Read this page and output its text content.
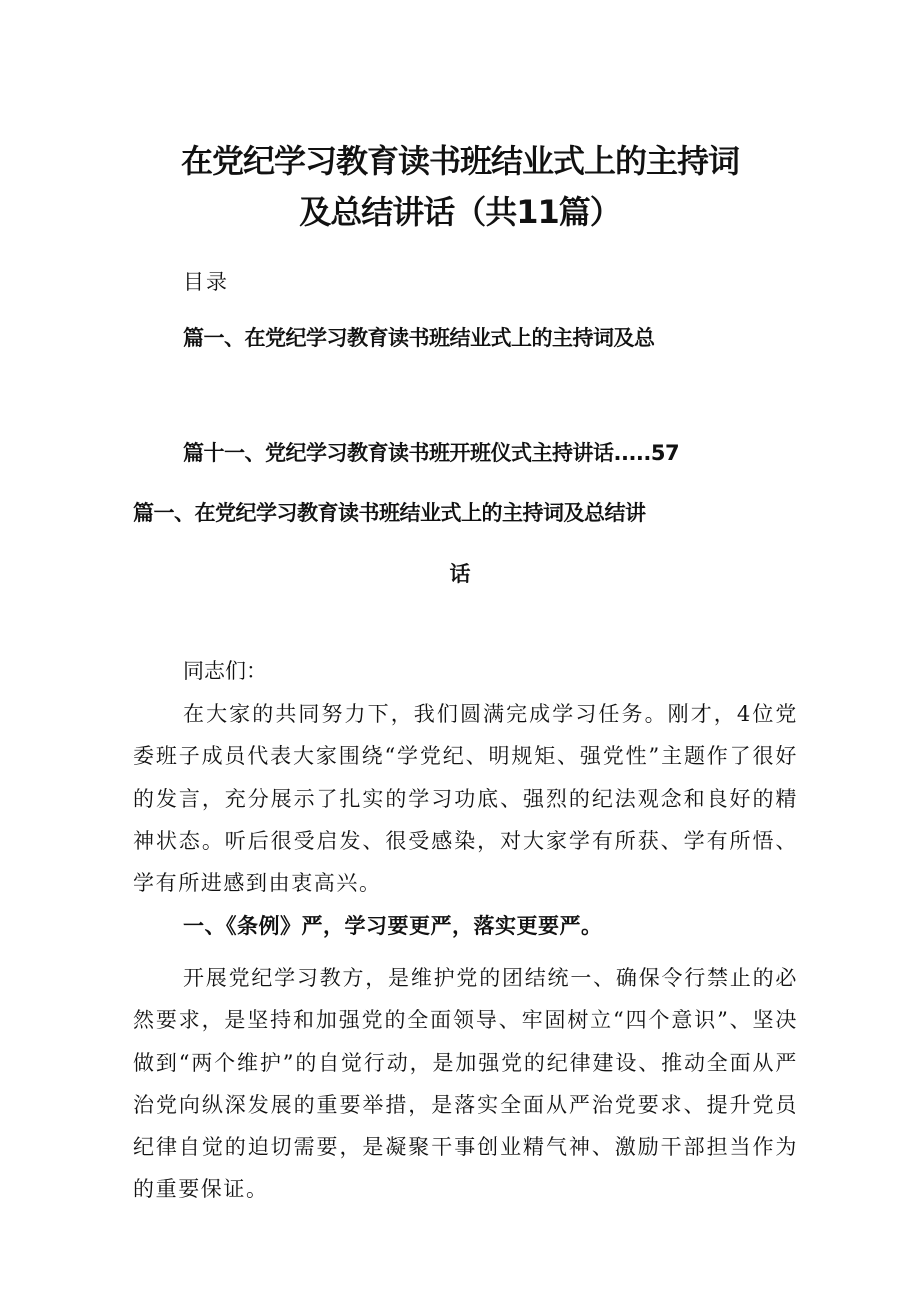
在党纪学习教育读书班结业式上的主持词
及总结讲话（共11篇）
目录
篇一、在党纪学习教育读书班结业式上的主持词及总
篇十一、党纪学习教育读书班开班仪式主持讲话.....57
篇一、在党纪学习教育读书班结业式上的主持词及总结讲
话
同志们：

在大家的共同努力下，我们圆满完成学习任务。刚才，4位党委班子成员代表大家围绕“学党纪、明规矩、强党性”主题作了很好的发言，充分展示了扎实的学习功底、强烈的纪法观念和良好的精神状态。听后很受启发、很受感染，对大家学有所获、学有所悟、学有所进感到由衷高兴。

一、《条例》严，学习要更严，落实更要严。

开展党纪学习教方，是维护党的团结统一、确保令行禁止的必然要求，是坚持和加强党的全面领导、牢固树立“四个意识”、坚决做到“两个维护”的自觉行动，是加强党的纪律建设、推动全面从严治党向纵深发展的重要举措，是落实全面从严治党要求、提升党员纪律自觉的迫切需要，是凝聚干事创业精气神、激励干部担当作为的重要保证。
